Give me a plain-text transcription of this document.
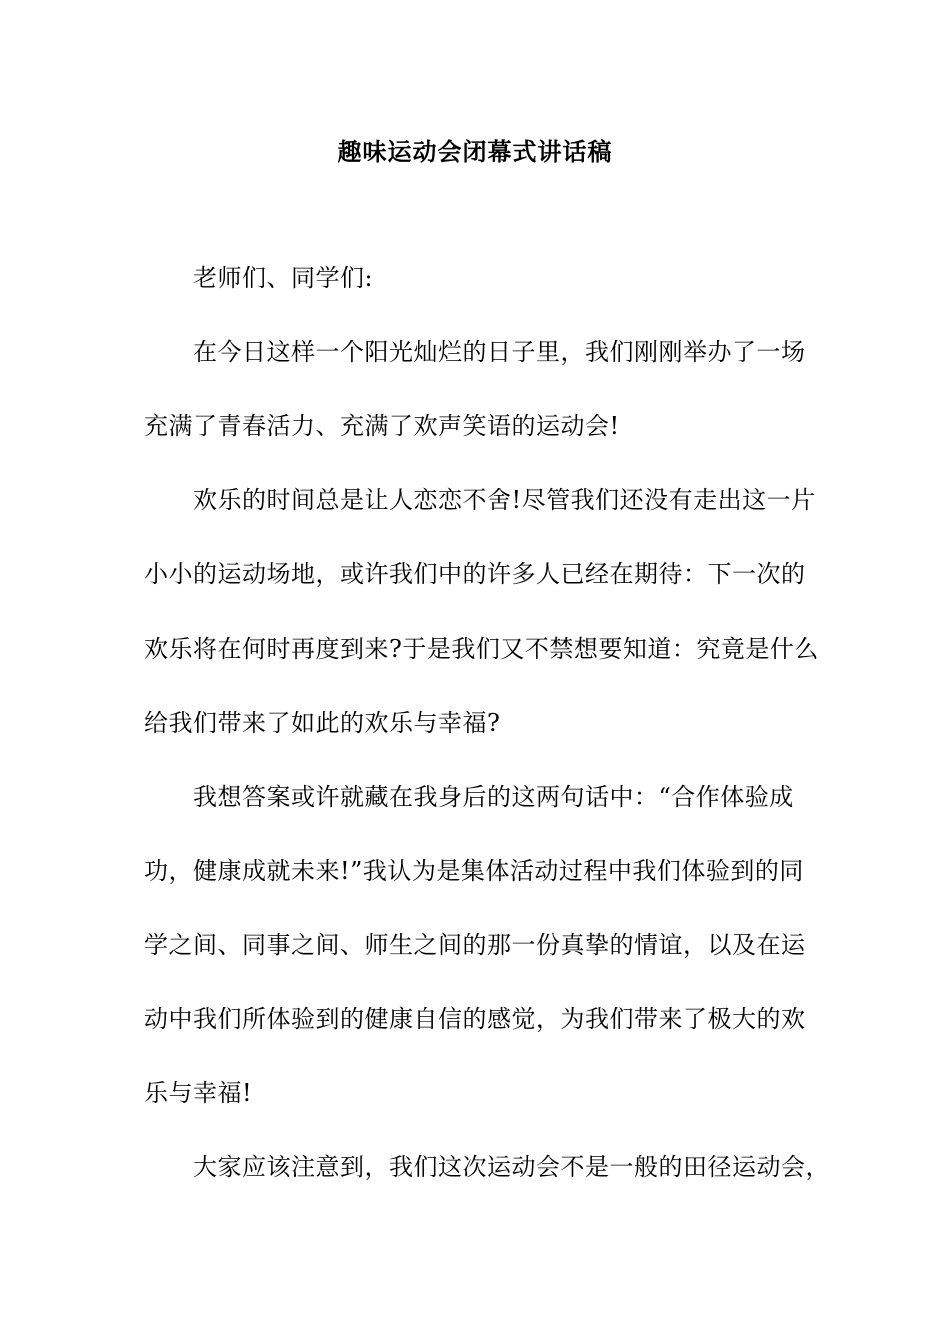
趣味运动会闭幕式讲话稿
老师们、同学们:
在今日这样一个阳光灿烂的日子里，我们刚刚举办了一场
充满了青春活力、充满了欢声笑语的运动会!
欢乐的时间总是让人恋恋不舍!尽管我们还没有走出这一片
小小的运动场地，或许我们中的许多人已经在期待：下一次的
欢乐将在何时再度到来?于是我们又不禁想要知道：究竟是什么
给我们带来了如此的欢乐与幸福?
我想答案或许就藏在我身后的这两句话中：“合作体验成
功，健康成就未来!”我认为是集体活动过程中我们体验到的同
学之间、同事之间、师生之间的那一份真挚的情谊，以及在运
动中我们所体验到的健康自信的感觉，为我们带来了极大的欢
乐与幸福!
大家应该注意到，我们这次运动会不是一般的田径运动会，
